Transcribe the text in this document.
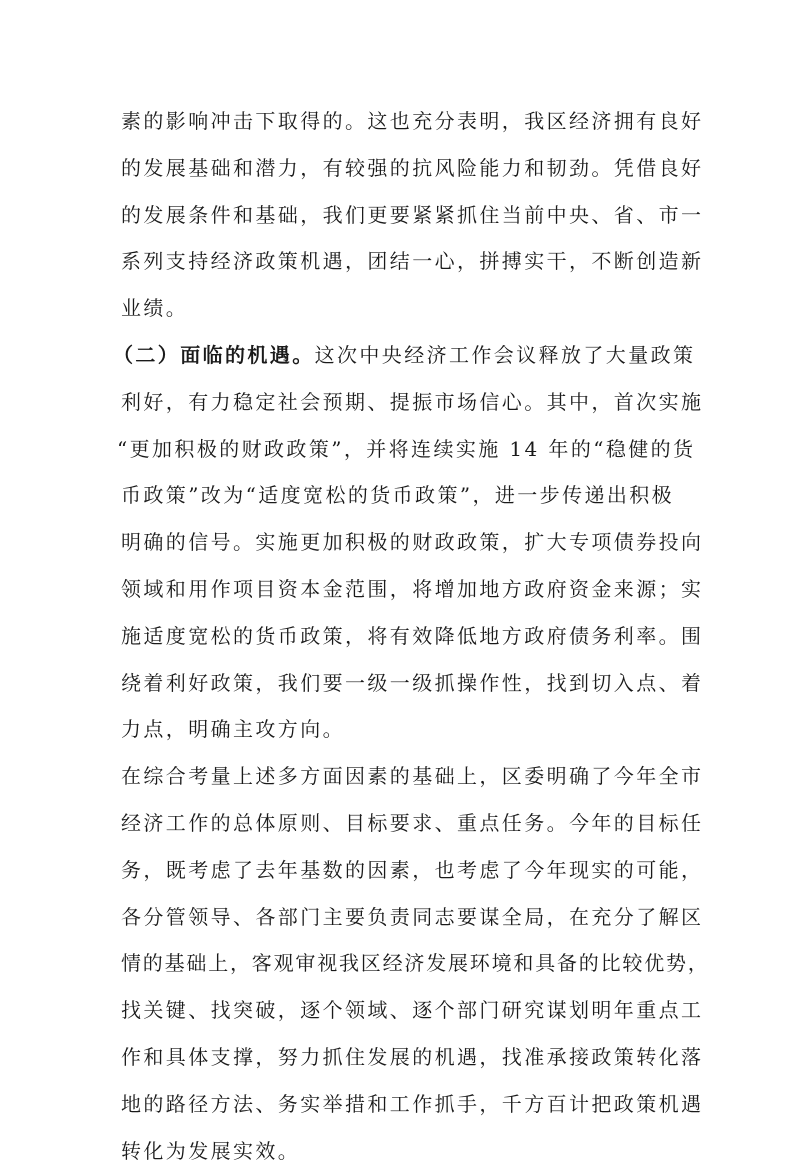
素的影响冲击下取得的。这也充分表明，我区经济拥有良好
的发展基础和潜力，有较强的抗风险能力和韧劲。凭借良好
的发展条件和基础，我们更要紧紧抓住当前中央、省、市一
系列支持经济政策机遇，团结一心，拼搏实干，不断创造新
业绩。
（二）面临的机遇。这次中央经济工作会议释放了大量政策
利好，有力稳定社会预期、提振市场信心。其中，首次实施
“更加积极的财政政策”，并将连续实施 14 年的“稳健的货
币政策”改为“适度宽松的货币政策”，进一步传递出积极
明确的信号。实施更加积极的财政政策，扩大专项债券投向
领域和用作项目资本金范围，将增加地方政府资金来源；实
施适度宽松的货币政策，将有效降低地方政府债务利率。围
绕着利好政策，我们要一级一级抓操作性，找到切入点、着
力点，明确主攻方向。
在综合考量上述多方面因素的基础上，区委明确了今年全市
经济工作的总体原则、目标要求、重点任务。今年的目标任
务，既考虑了去年基数的因素，也考虑了今年现实的可能，
各分管领导、各部门主要负责同志要谋全局，在充分了解区
情的基础上，客观审视我区经济发展环境和具备的比较优势，
找关键、找突破，逐个领域、逐个部门研究谋划明年重点工
作和具体支撑，努力抓住发展的机遇，找准承接政策转化落
地的路径方法、务实举措和工作抓手，千方百计把政策机遇
转化为发展实效。
